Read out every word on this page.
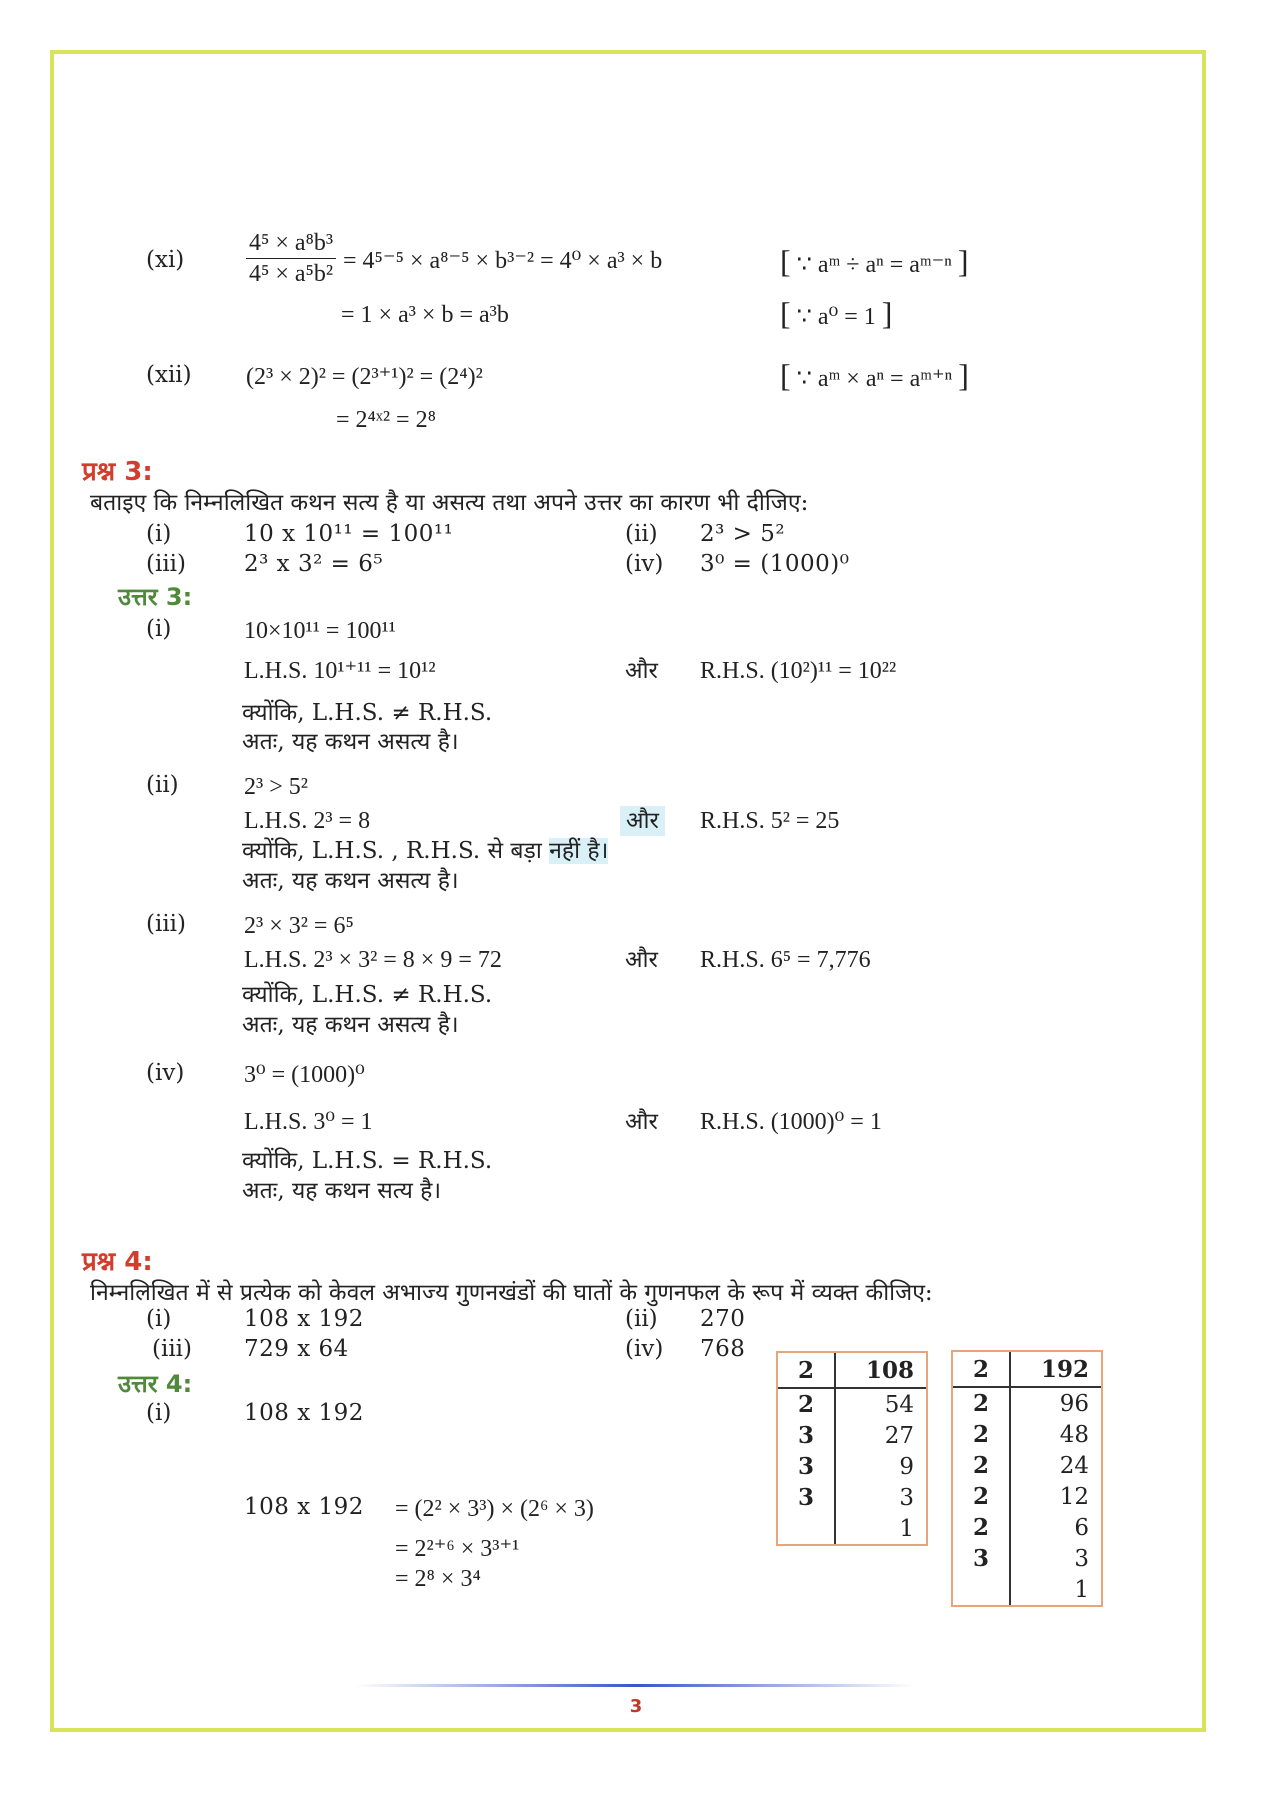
(xi)	$\frac{\text{4⁵ × a⁸b³}}{\text{4⁵ × a⁵b²}} = 4^{5-5} \times a^{8-5} \times b^{3-2} = 4^0 \times a^3 \times b$
= 1 × a³ × b = a³b
[ ∵ aᵐ ÷ aⁿ = aᵐ⁻ⁿ ]
[ ∵ a⁰ = 1 ]
(xii) (2³ × 2)² = (2³⁺¹)² = (2⁴)²
= 2⁴ˣ² = 2⁸
[ ∵ aᵐ × aⁿ = aᵐ⁺ⁿ ]
प्रश्न 3:
बताइए कि निम्नलिखित कथन सत्य है या असत्य तथा अपने उत्तर का कारण भी दीजिए:
(i)	10 x 10¹¹ = 100¹¹	(ii) 2³ > 5²
(iii)	2³ x 3² = 6⁵	(iv) 3⁰ = (1000)⁰
उत्तर 3:
(i)	10×10¹¹ = 100¹¹
L.H.S. 10¹⁺¹¹ = 10¹²	और R.H.S. (10²)¹¹ = 10²²
क्योंकि, L.H.S. ≠ R.H.S.
अतः, यह कथन असत्य है।
(ii)	2³ > 5²
L.H.S. 2³ = 8	और R.H.S. 5² = 25
क्योंकि, L.H.S. , R.H.S. से बड़ा नहीं है।
अतः, यह कथन असत्य है।
(iii) 2³ × 3² = 6⁵
L.H.S. 2³ × 3² = 8 × 9 = 72	और R.H.S. 6⁵ = 7,776
क्योंकि, L.H.S. ≠ R.H.S.
अतः, यह कथन असत्य है।
(iv) 3⁰ = (1000)⁰
L.H.S. 3⁰ = 1	और R.H.S. (1000)⁰ = 1
क्योंकि, L.H.S. = R.H.S.
अतः, यह कथन सत्य है।
प्रश्न 4:
निम्नलिखित में से प्रत्येक को केवल अभाज्य गुणनखंडों की घातों के गुणनफल के रूप में व्यक्त कीजिए:
(i)	108 x 192	(ii) 270
(iii) 729 x 64	(iv) 768
उत्तर 4:
(i)	108 x 192
108 x 192 = (2² × 3³) × (2⁶ × 3)
= 2²⁺⁶ × 3³⁺¹
= 2⁸ × 3⁴
2	108
2	54
3	27
3	9
3	3
1
2	192
2	96
2	48
2	24
2	12
2	6
3	3
1
3
